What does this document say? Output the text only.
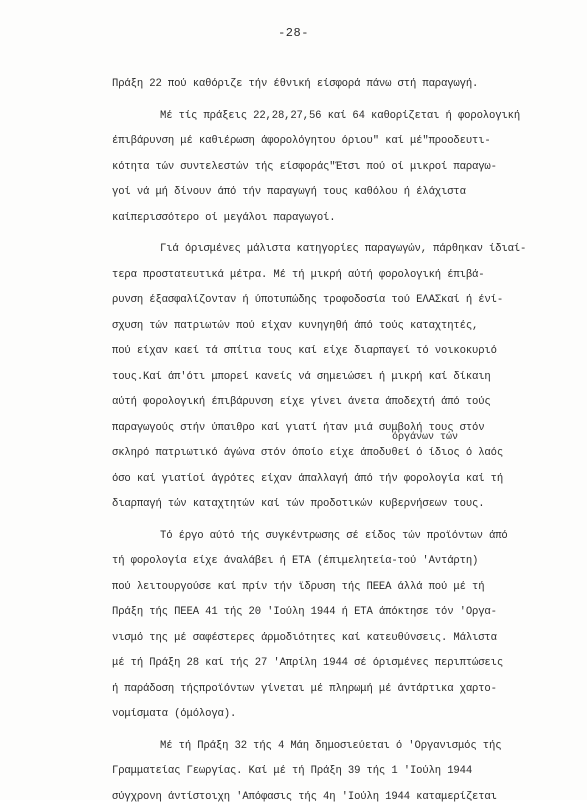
-28-
Πράξη 22 πού καθόριζε τήν έθνική είσφορά πάνω στή παραγωγή.
Μέ τίς πράξεις 22,28,27,56 καί 64 καθορίζεται ή φορολογική
έπιβάρυνση μέ καθιέρωση άφορολόγητου όριου" καί μέ"προοδευτι-
κότητα τών συντελεστών τής είσφοράς"Έτσι πού οί μικροί παραγω-
γοί νά μή δίνουν άπό τήν παραγωγή τους καθόλου ή έλάχιστα
καίπερισσότερο οί μεγάλοι παραγωγοί.
Γιά όρισμένες μάλιστα κατηγορίες παραγωγών, πάρθηκαν ίδιαί-
τερα προστατευτικά μέτρα. Μέ τή μικρή αύτή φορολογική έπιβά-
ρυνση έξασφαλίζονταν ή ύποτυπώδης τροφοδοσία τού ΕΛΑΣκαί ή ένί-
σχυση τών πατριωτών πού είχαν κυνηγηθή άπό τούς καταχτητές,
πού είχαν καεί τά σπίτια τους καί είχε διαρπαγεί τό νοικοκυριό
τους.Καί άπ'ότι μπορεί κανείς νά σημειώσει ή μικρή καί δίκαιη
αύτή φορολογική έπιβάρυνση είχε γίνει άνετα άποδεχτή άπό τούς
παραγωγούς στήν ύπαιθρο καί γιατί ήταν μιά συμβολή τους στόν
σκληρό πατριωτικό άγώνα στόν όποίο είχε άποδυθεί ό ίδιος ό λαός
όσο καί γιατίοί άγρότες είχαν άπαλλαγή άπό τήν φορολογία καί τή
διαρπαγή τών καταχτητών καί τών προδοτικών κυβερνήσεων τους.
Τό έργο αύτό τής συγκέντρωσης σέ είδος τών προϊόντων άπό
τή φορολογία είχε άναλάβει ή ΕΤΑ (έπιμελητεία-τού 'Αντάρτη)
πού λειτουργούσε καί πρίν τήν ϊδρυση τής ΠΕΕΑ άλλά πού μέ τή
Πράξη τής ΠΕΕΑ 41 τής 20 'Ιούλη 1944 ή ΕΤΑ άπόκτησε τόν 'Οργα-
νισμό της μέ σαφέστερες άρμοδιότητες καί κατευθύνσεις. Μάλιστα
μέ τή Πράξη 28 καί τής 27 'Απρίλη 1944 σέ όρισμένες περιπτώσεις
ή παράδοση τήςπροϊόντων γίνεται μέ πληρωμή μέ άντάρτικα χαρτο-
νομίσματα (όμόλογα).
Μέ τή Πράξη 32 τής 4 Μάη δημοσιεύεται ό 'Οργανισμός τής
Γραμματείας Γεωργίας. Καί μέ τή Πράξη 39 τής 1 'Ιούλη 1944
σύγχρονη άντίστοιχη 'Απόφασις τής 4η 'Ιούλη 1944 καταμερίζεται
όργάνων τών
